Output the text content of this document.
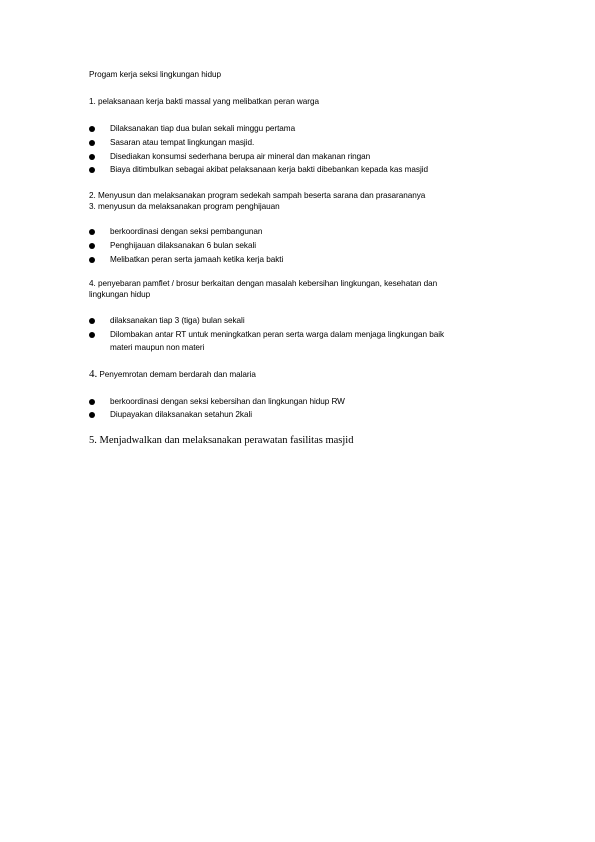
Progam kerja seksi lingkungan hidup
1. pelaksanaan kerja bakti massal yang melibatkan peran warga
Dilaksanakan tiap dua bulan sekali minggu pertama
Sasaran atau tempat lingkungan masjid.
Disediakan konsumsi sederhana berupa air mineral dan makanan ringan
Biaya ditimbulkan sebagai akibat pelaksanaan kerja bakti dibebankan kepada kas masjid
2. Menyusun dan melaksanakan program sedekah sampah beserta sarana dan prasarananya
3. menyusun da melaksanakan program penghijauan
berkoordinasi dengan seksi pembangunan
Penghijauan dilaksanakan 6 bulan sekali
Melibatkan peran serta jamaah ketika kerja bakti
4. penyebaran pamflet / brosur berkaitan dengan masalah kebersihan lingkungan, kesehatan dan
lingkungan hidup
dilaksanakan tiap 3 (tiga) bulan sekali
Dilombakan antar RT untuk meningkatkan peran serta warga dalam menjaga lingkungan baik
materi maupun non materi
4. Penyemrotan demam berdarah dan malaria
berkoordinasi dengan seksi kebersihan dan lingkungan hidup RW
Diupayakan dilaksanakan setahun 2kali
5. Menjadwalkan dan melaksanakan perawatan fasilitas masjid
